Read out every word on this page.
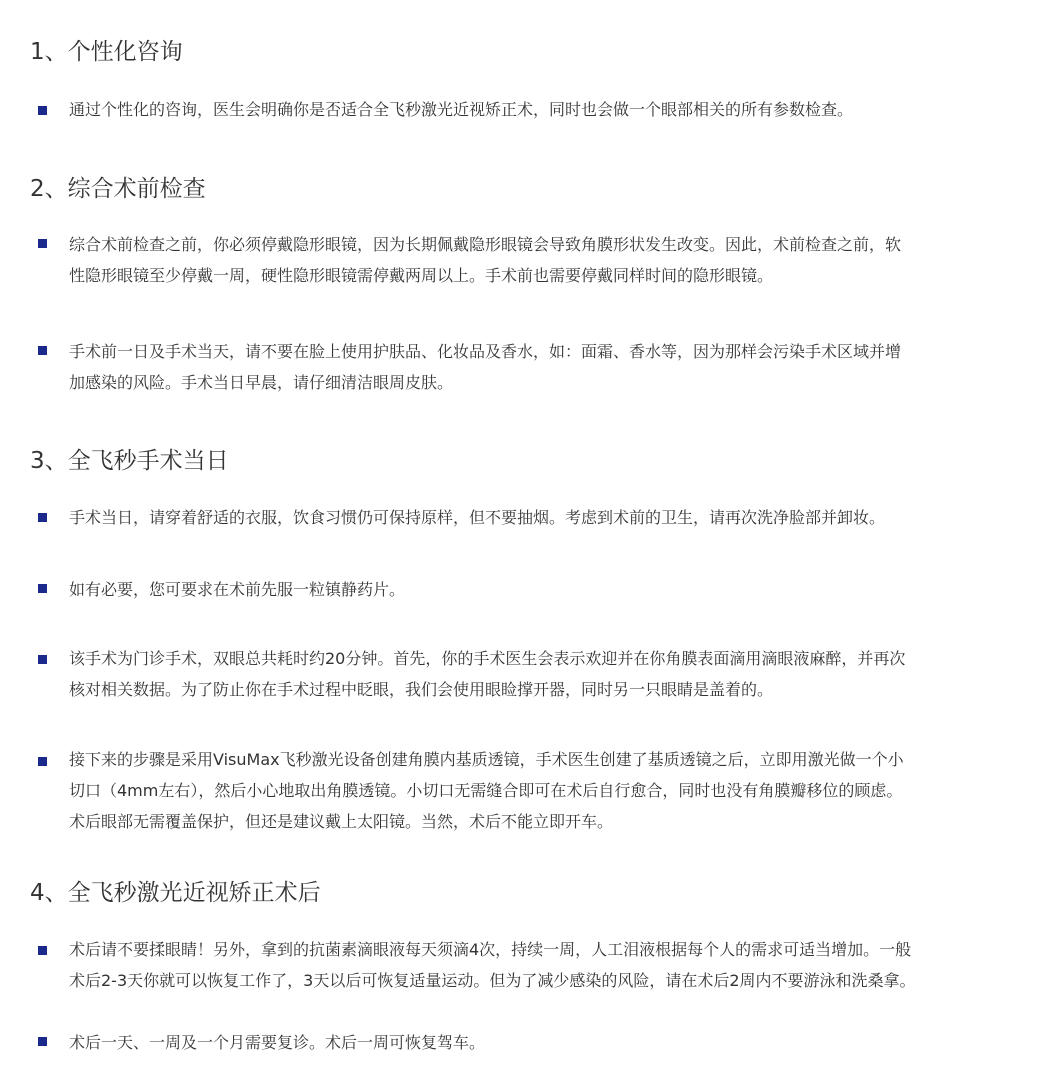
1、个性化咨询
通过个性化的咨询，医生会明确你是否适合全飞秒激光近视矫正术，同时也会做一个眼部相关的所有参数检查。
2、综合术前检查
综合术前检查之前，你必须停戴隐形眼镜，因为长期佩戴隐形眼镜会导致角膜形状发生改变。因此，术前检查之前，软
性隐形眼镜至少停戴一周，硬性隐形眼镜需停戴两周以上。手术前也需要停戴同样时间的隐形眼镜。
手术前一日及手术当天，请不要在脸上使用护肤品、化妆品及香水，如：面霜、香水等，因为那样会污染手术区域并增
加感染的风险。手术当日早晨，请仔细清洁眼周皮肤。
3、全飞秒手术当日
手术当日，请穿着舒适的衣服，饮食习惯仍可保持原样，但不要抽烟。考虑到术前的卫生，请再次洗净脸部并卸妆。
如有必要，您可要求在术前先服一粒镇静药片。
该手术为门诊手术，双眼总共耗时约20分钟。首先，你的手术医生会表示欢迎并在你角膜表面滴用滴眼液麻醉，并再次
核对相关数据。为了防止你在手术过程中眨眼，我们会使用眼睑撑开器，同时另一只眼睛是盖着的。
接下来的步骤是采用VisuMax飞秒激光设备创建角膜内基质透镜，手术医生创建了基质透镜之后，立即用激光做一个小
切口（4mm左右），然后小心地取出角膜透镜。小切口无需缝合即可在术后自行愈合，同时也没有角膜瓣移位的顾虑。
术后眼部无需覆盖保护，但还是建议戴上太阳镜。当然，术后不能立即开车。
4、全飞秒激光近视矫正术后
术后请不要揉眼睛！另外，拿到的抗菌素滴眼液每天须滴4次，持续一周，人工泪液根据每个人的需求可适当增加。一般
术后2-3天你就可以恢复工作了，3天以后可恢复适量运动。但为了减少感染的风险，请在术后2周内不要游泳和洗桑拿。
术后一天、一周及一个月需要复诊。术后一周可恢复驾车。
